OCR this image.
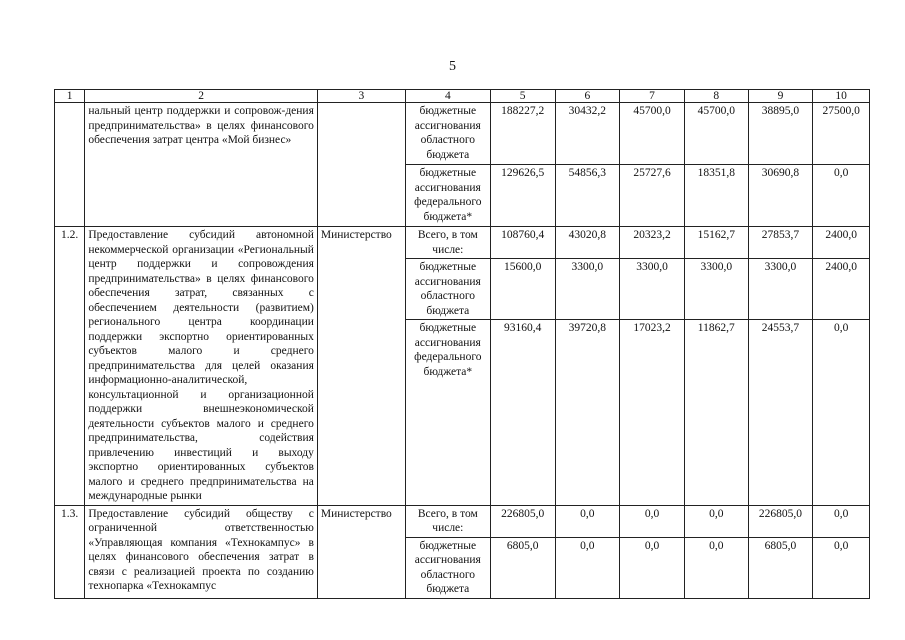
5
1	2	3	4	5	6	7	8	9	10
	нальный центр поддержки и сопровож-дения предпринимательства» в целях финансового обеспечения затрат центра «Мой бизнес»		бюджетные ассигнования областного бюджета	188227,2	30432,2	45700,0	45700,0	38895,0	27500,0
			бюджетные ассигнования федерального бюджета*	129626,5	54856,3	25727,6	18351,8	30690,8	0,0
1.2.	Предоставление субсидий автономной некоммерческой организации «Региональный центр поддержки и сопровождения предпринимательства» в целях финансового обеспечения затрат, связанных с обеспечением деятельности (развитием) регионального центра координации поддержки экспортно ориентированных субъектов малого и среднего предпринимательства для целей оказания информационно-аналитической, консультационной и организационной поддержки внешнеэкономической деятельности субъектов малого и среднего предпринимательства, содействия привлечению инвестиций и выходу экспортно ориентированных субъектов малого и среднего предпринимательства на международные рынки	Министерство	Всего, в том числе:	108760,4	43020,8	20323,2	15162,7	27853,7	2400,0
			бюджетные ассигнования областного бюджета	15600,0	3300,0	3300,0	3300,0	3300,0	2400,0
			бюджетные ассигнования федерального бюджета*	93160,4	39720,8	17023,2	11862,7	24553,7	0,0
1.3.	Предоставление субсидий обществу с ограниченной ответственностью «Управляющая компания «Технокампус» в целях финансового обеспечения затрат в связи с реализацией проекта по созданию технопарка «Технокампус	Министерство	Всего, в том числе:	226805,0	0,0	0,0	0,0	226805,0	0,0
			бюджетные ассигнования областного бюджета	6805,0	0,0	0,0	0,0	6805,0	0,0
